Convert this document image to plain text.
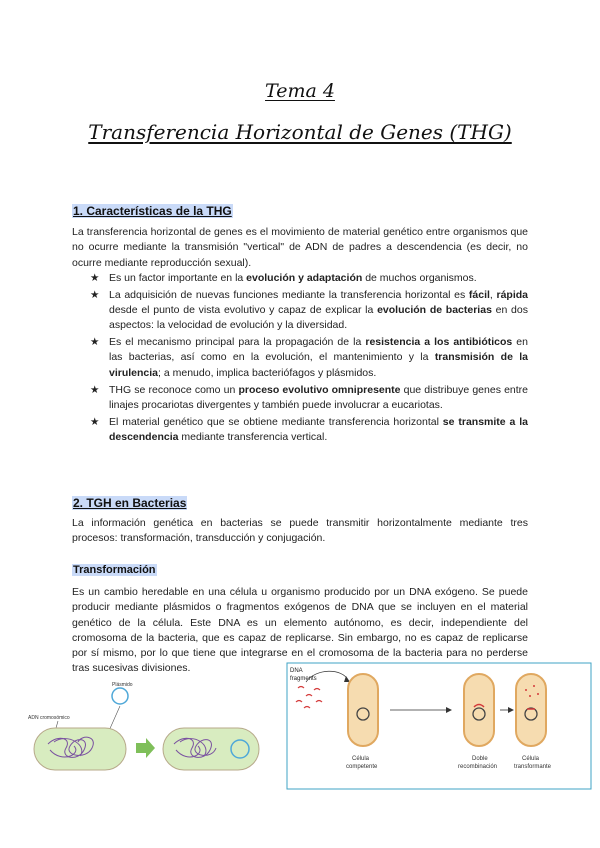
Tema 4
Transferencia Horizontal de Genes (THG)
1. Características de la THG

La transferencia horizontal de genes es el movimiento de material genético entre organismos que no ocurre mediante la transmisión "vertical" de ADN de padres a descendencia (es decir, no ocurre mediante reproducción sexual).

★ Es un factor importante en la evolución y adaptación de muchos organismos.
★ La adquisición de nuevas funciones mediante la transferencia horizontal es fácil, rápida desde el punto de vista evolutivo y capaz de explicar la evolución de bacterias en dos aspectos: la velocidad de evolución y la diversidad.
★ Es el mecanismo principal para la propagación de la resistencia a los antibióticos en las bacterias, así como en la evolución, el mantenimiento y la transmisión de la virulencia; a menudo, implica bacteriófagos y plásmidos.
★ THG se reconoce como un proceso evolutivo omnipresente que distribuye genes entre linajes procariotas divergentes y también puede involucrar a eucariotas.
★ El material genético que se obtiene mediante transferencia horizontal se transmite a la descendencia mediante transferencia vertical.
2. TGH en Bacterias

La información genética en bacterias se puede transmitir horizontalmente mediante tres procesos: transformación, transducción y conjugación.

Transformación

Es un cambio heredable en una célula u organismo producido por un DNA exógeno. Se puede producir mediante plásmidos o fragmentos exógenos de DNA que se incluyen en el material genético de la célula. Este DNA es un elemento autónomo, es decir, independiente del cromosoma de la bacteria, que es capaz de replicarse. Sin embargo, no es capaz de replicarse por sí mismo, por lo que tiene que integrarse en el cromosoma de la bacteria para no perderse tras sucesivas divisiones.

Plásmido
ADN cromosómico
DNA
fragments
Célula
competente
Doble
recombinación
Célula
transformante
